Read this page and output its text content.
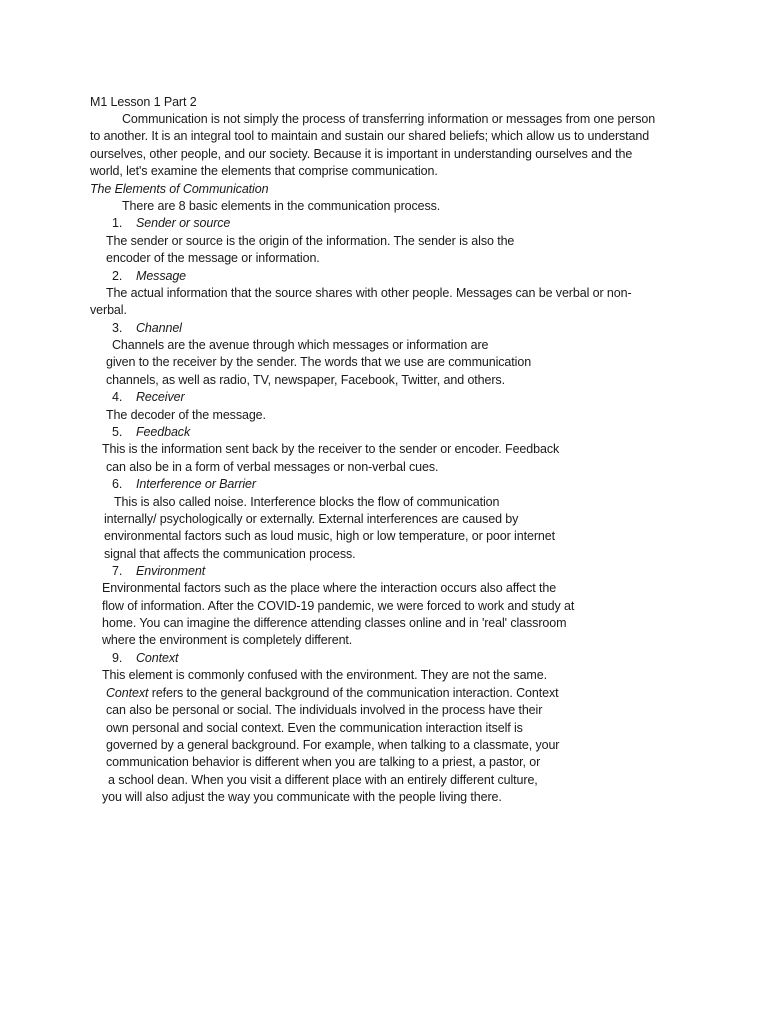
M1 Lesson 1 Part 2
Communication is not simply the process of transferring information or messages from one person
to another. It is an integral tool to maintain and sustain our shared beliefs; which allow us to understand
ourselves, other people, and our society. Because it is important in understanding ourselves and the
world, let's examine the elements that comprise communication.
The Elements of Communication
There are 8 basic elements in the communication process.
1. Sender or source
The sender or source is the origin of the information. The sender is also the
encoder of the message or information.
2. Message
The actual information that the source shares with other people. Messages can be verbal or non-
verbal.
3. Channel
Channels are the avenue through which messages or information are
given to the receiver by the sender. The words that we use are communication
channels, as well as radio, TV, newspaper, Facebook, Twitter, and others.
4. Receiver
The decoder of the message.
5. Feedback
This is the information sent back by the receiver to the sender or encoder. Feedback
can also be in a form of verbal messages or non-verbal cues.
6. Interference or Barrier
This is also called noise. Interference blocks the flow of communication
internally/ psychologically or externally. External interferences are caused by
environmental factors such as loud music, high or low temperature, or poor internet
signal that affects the communication process.
7. Environment
Environmental factors such as the place where the interaction occurs also affect the
flow of information. After the COVID-19 pandemic, we were forced to work and study at
home. You can imagine the difference attending classes online and in 'real' classroom
where the environment is completely different.
9. Context
This element is commonly confused with the environment. They are not the same.
Context refers to the general background of the communication interaction. Context
can also be personal or social. The individuals involved in the process have their
own personal and social context. Even the communication interaction itself is
governed by a general background. For example, when talking to a classmate, your
communication behavior is different when you are talking to a priest, a pastor, or
a school dean. When you visit a different place with an entirely different culture,
you will also adjust the way you communicate with the people living there.
